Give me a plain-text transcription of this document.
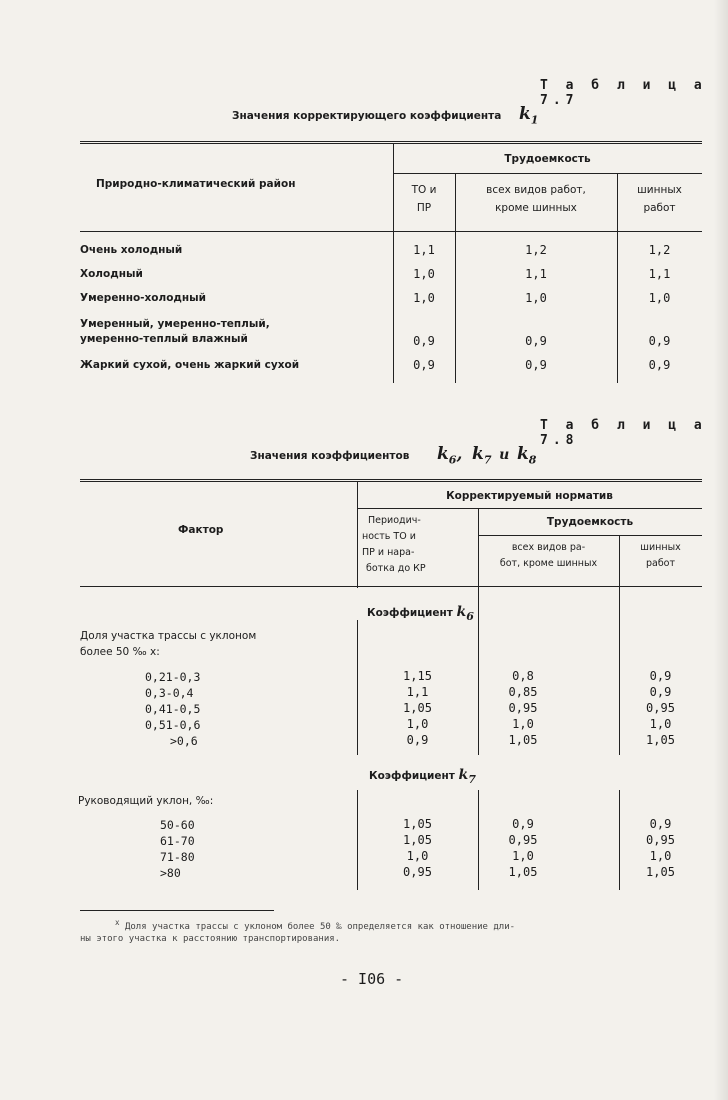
Т а б л и ц а 7.7
Значения корректирующего коэффициента $k_1$
Природно-климатический район
Трудоемкость
ТО и
ПР
всех видов работ,
кроме шинных
шинных
работ
Очень холодный	1,1	1,2	1,2
Холодный	1,0	1,1	1,1
Умеренно-холодный	1,0	1,0	1,0
Умеренный, умеренно-теплый,
умеренно-теплый влажный	0,9	0,9	0,9
Жаркий сухой, очень жаркий сухой	0,9	0,9	0,9
Т а б л и ц а 7.8
Значения коэффициентов $k_6$, $k_7$ и $k_8$
Фактор
Корректируемый норматив
Периодич-
ность ТО и
ПР и нара-
ботка до КР
Трудоемкость
всех видов ра-
бот, кроме шинных
шинных
работ
Коэффициент $k_6$
Доля участка трассы с уклоном
более 50 ‰ х:
0,21-0,3	1,15	0,8	0,9
0,3-0,4	1,1	0,85	0,9
0,41-0,5	1,05	0,95	0,95
0,51-0,6	1,0	1,0	1,0
>0,6	0,9	1,05	1,05
Коэффициент $k_7$
Руководящий уклон, ‰:
50-60	1,05	0,9	0,9
61-70	1,05	0,95	0,95
71-80	1,0	1,0	1,0
>80	0,95	1,05	1,05
$^х$ Доля участка трассы с уклоном более 50 ‰ определяется как отношение дли-
ны этого участка к расстоянию транспортирования.
- I06 -
